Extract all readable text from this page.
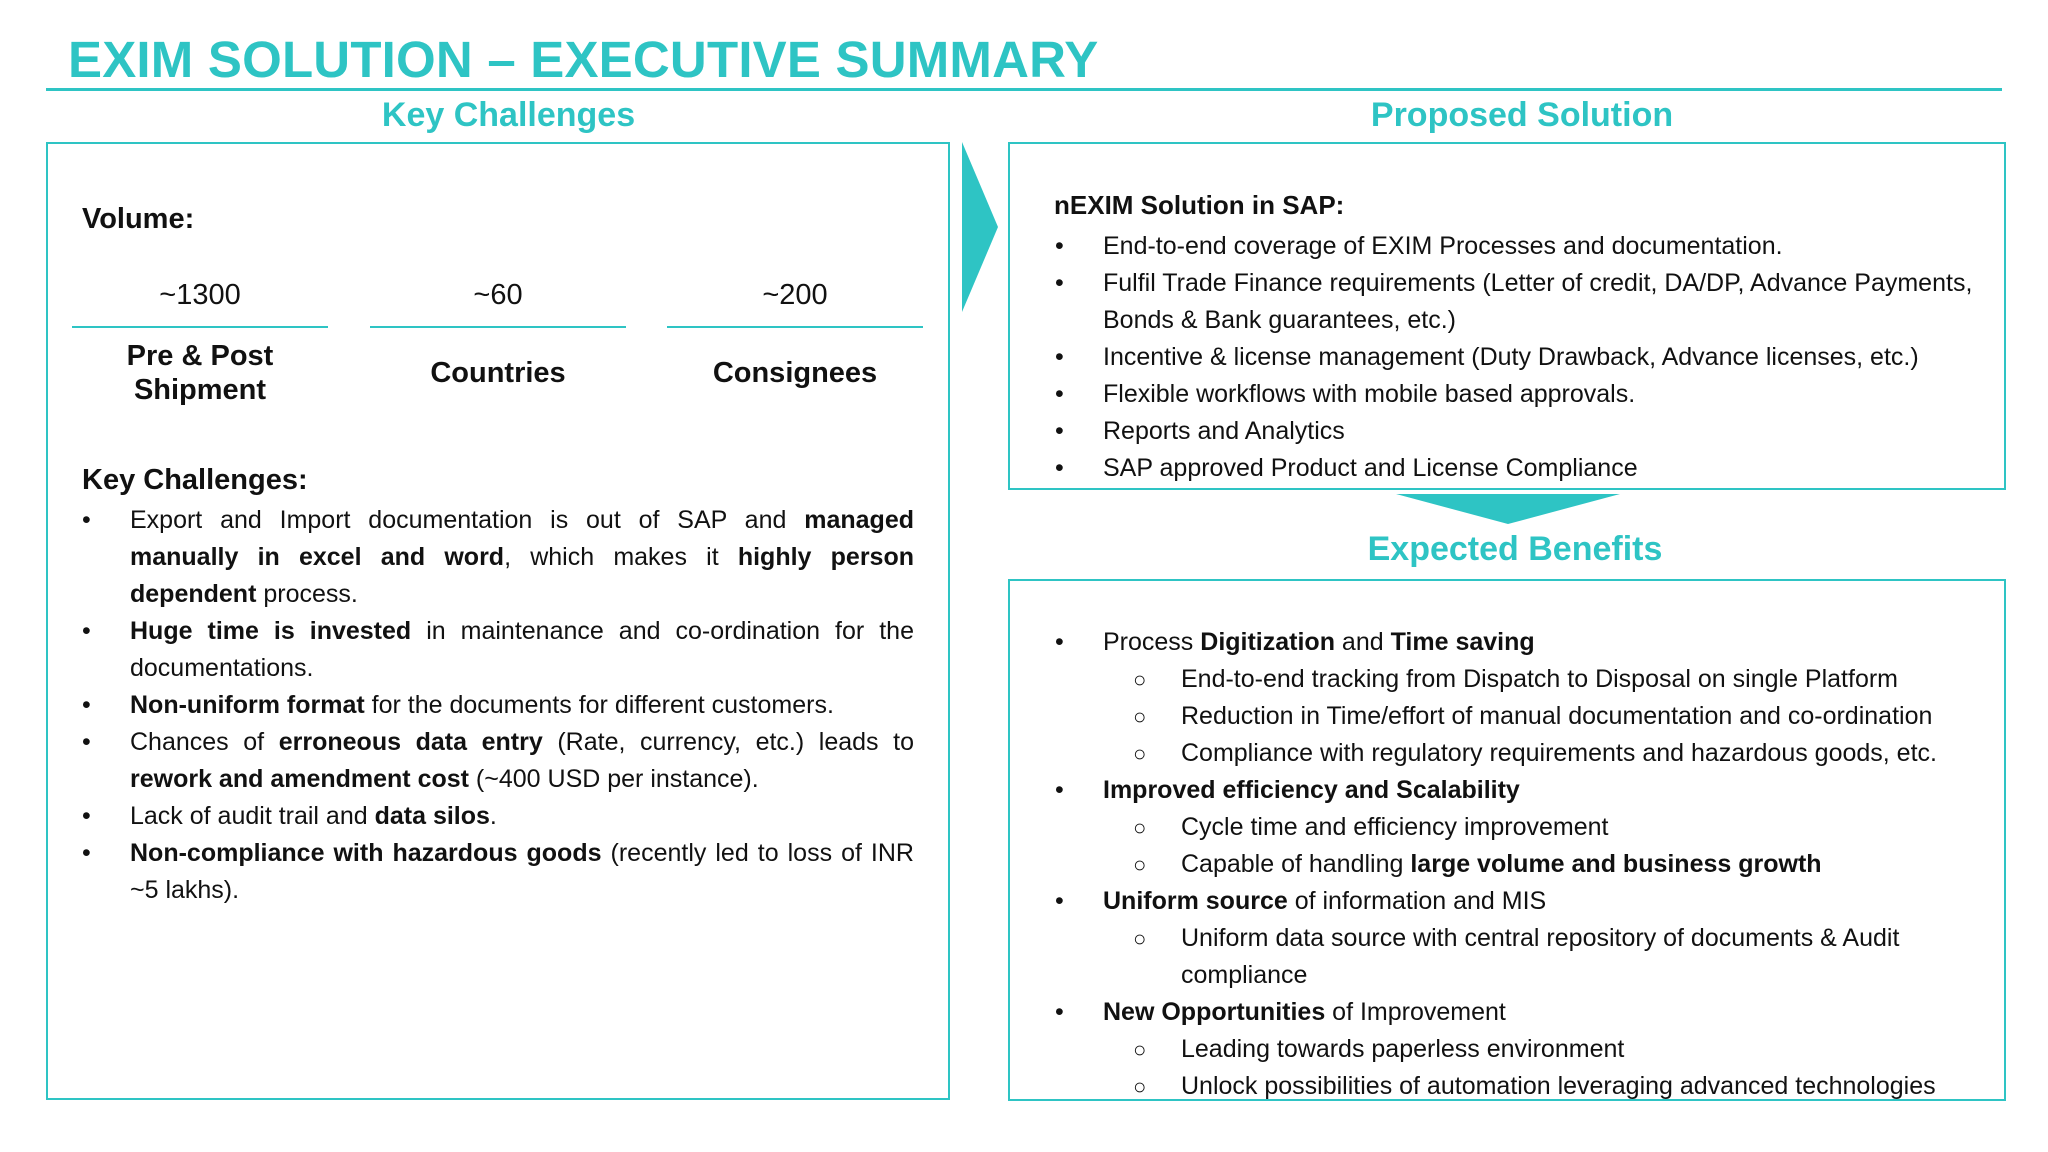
EXIM SOLUTION – EXECUTIVE SUMMARY
Key Challenges
Volume:
~1300
Pre & Post Shipment
~60
Countries
~200
Consignees
Key Challenges:
• Export and Import documentation is out of SAP and managed manually in excel and word, which makes it highly person dependent process.
• Huge time is invested in maintenance and co-ordination for the documentations.
• Non-uniform format for the documents for different customers.
• Chances of erroneous data entry (Rate, currency, etc.) leads to rework and amendment cost (~400 USD per instance).
• Lack of audit trail and data silos.
• Non-compliance with hazardous goods (recently led to loss of INR ~5 lakhs).
Proposed Solution
nEXIM Solution in SAP:
• End-to-end coverage of EXIM Processes and documentation.
• Fulfil Trade Finance requirements (Letter of credit, DA/DP, Advance Payments, Bonds & Bank guarantees, etc.)
• Incentive & license management (Duty Drawback, Advance licenses, etc.)
• Flexible workflows with mobile based approvals.
• Reports and Analytics
• SAP approved Product and License Compliance
Expected Benefits
• Process Digitization and Time saving
○ End-to-end tracking from Dispatch to Disposal on single Platform
○ Reduction in Time/effort of manual documentation and co-ordination
○ Compliance with regulatory requirements and hazardous goods, etc.
• Improved efficiency and Scalability
○ Cycle time and efficiency improvement
○ Capable of handling large volume and business growth
• Uniform source of information and MIS
○ Uniform data source with central repository of documents & Audit compliance
• New Opportunities of Improvement
○ Leading towards paperless environment
○ Unlock possibilities of automation leveraging advanced technologies
